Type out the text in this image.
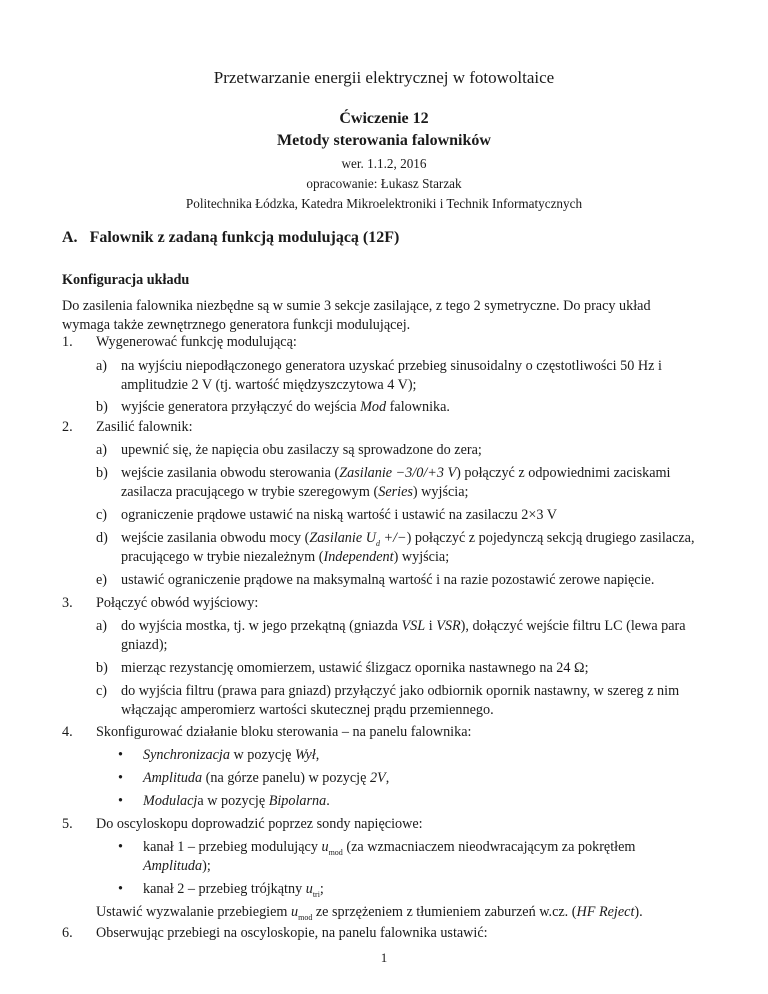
Przetwarzanie energii elektrycznej w fotowoltaice
Ćwiczenie 12
Metody sterowania falowników
wer. 1.1.2, 2016
opracowanie: Łukasz Starzak
Politechnika Łódzka, Katedra Mikroelektroniki i Technik Informatycznych
A. Falownik z zadaną funkcją modulującą (12F)
Konfiguracja układu
Do zasilenia falownika niezbędne są w sumie 3 sekcje zasilające, z tego 2 symetryczne. Do pracy układ
wymaga także zewnętrznego generatora funkcji modulującej.
1. Wygenerować funkcję modulującą:
a) na wyjściu niepodłączonego generatora uzyskać przebieg sinusoidalny o częstotliwości 50 Hz i
amplitudzie 2 V (tj. wartość międzyszczytowa 4 V);
b) wyjście generatora przyłączyć do wejścia Mod falownika.
2. Zasilić falownik:
a) upewnić się, że napięcia obu zasilaczy są sprowadzone do zera;
b) wejście zasilania obwodu sterowania (Zasilanie −3/0/+3 V) połączyć z odpowiednimi zaciskami
zasilacza pracującego w trybie szeregowym (Series) wyjścia;
c) ograniczenie prądowe ustawić na niską wartość i ustawić na zasilaczu 2×3 V
d) wejście zasilania obwodu mocy (Zasilanie $U_d$ +/−) połączyć z pojedynczą sekcją drugiego zasilacza,
pracującego w trybie niezależnym (Independent) wyjścia;
e) ustawić ograniczenie prądowe na maksymalną wartość i na razie pozostawić zerowe napięcie.
3. Połączyć obwód wyjściowy:
a) do wyjścia mostka, tj. w jego przekątną (gniazda VSL i VSR), dołączyć wejście filtru LC (lewa para
gniazd);
b) mierząc rezystancję omomierzem, ustawić ślizgacz opornika nastawnego na 24 Ω;
c) do wyjścia filtru (prawa para gniazd) przyłączyć jako odbiornik opornik nastawny, w szereg z nim
włączając amperomierz wartości skutecznej prądu przemiennego.
4. Skonfigurować działanie bloku sterowania – na panelu falownika:
• Synchronizacja w pozycję Wył,
• Amplituda (na górze panelu) w pozycję 2V,
• Modulacja w pozycję Bipolarna.
5. Do oscyloskopu doprowadzić poprzez sondy napięciowe:
• kanał 1 – przebieg modulujący $u_{mod}$ (za wzmacniaczem nieodwracającym za pokrętłem
Amplituda);
• kanał 2 – przebieg trójkątny $u_{tri}$;
Ustawić wyzwalanie przebiegiem $u_{mod}$ ze sprzężeniem z tłumieniem zaburzeń w.cz. (HF Reject).
6. Obserwując przebiegi na oscyloskopie, na panelu falownika ustawić:
1
